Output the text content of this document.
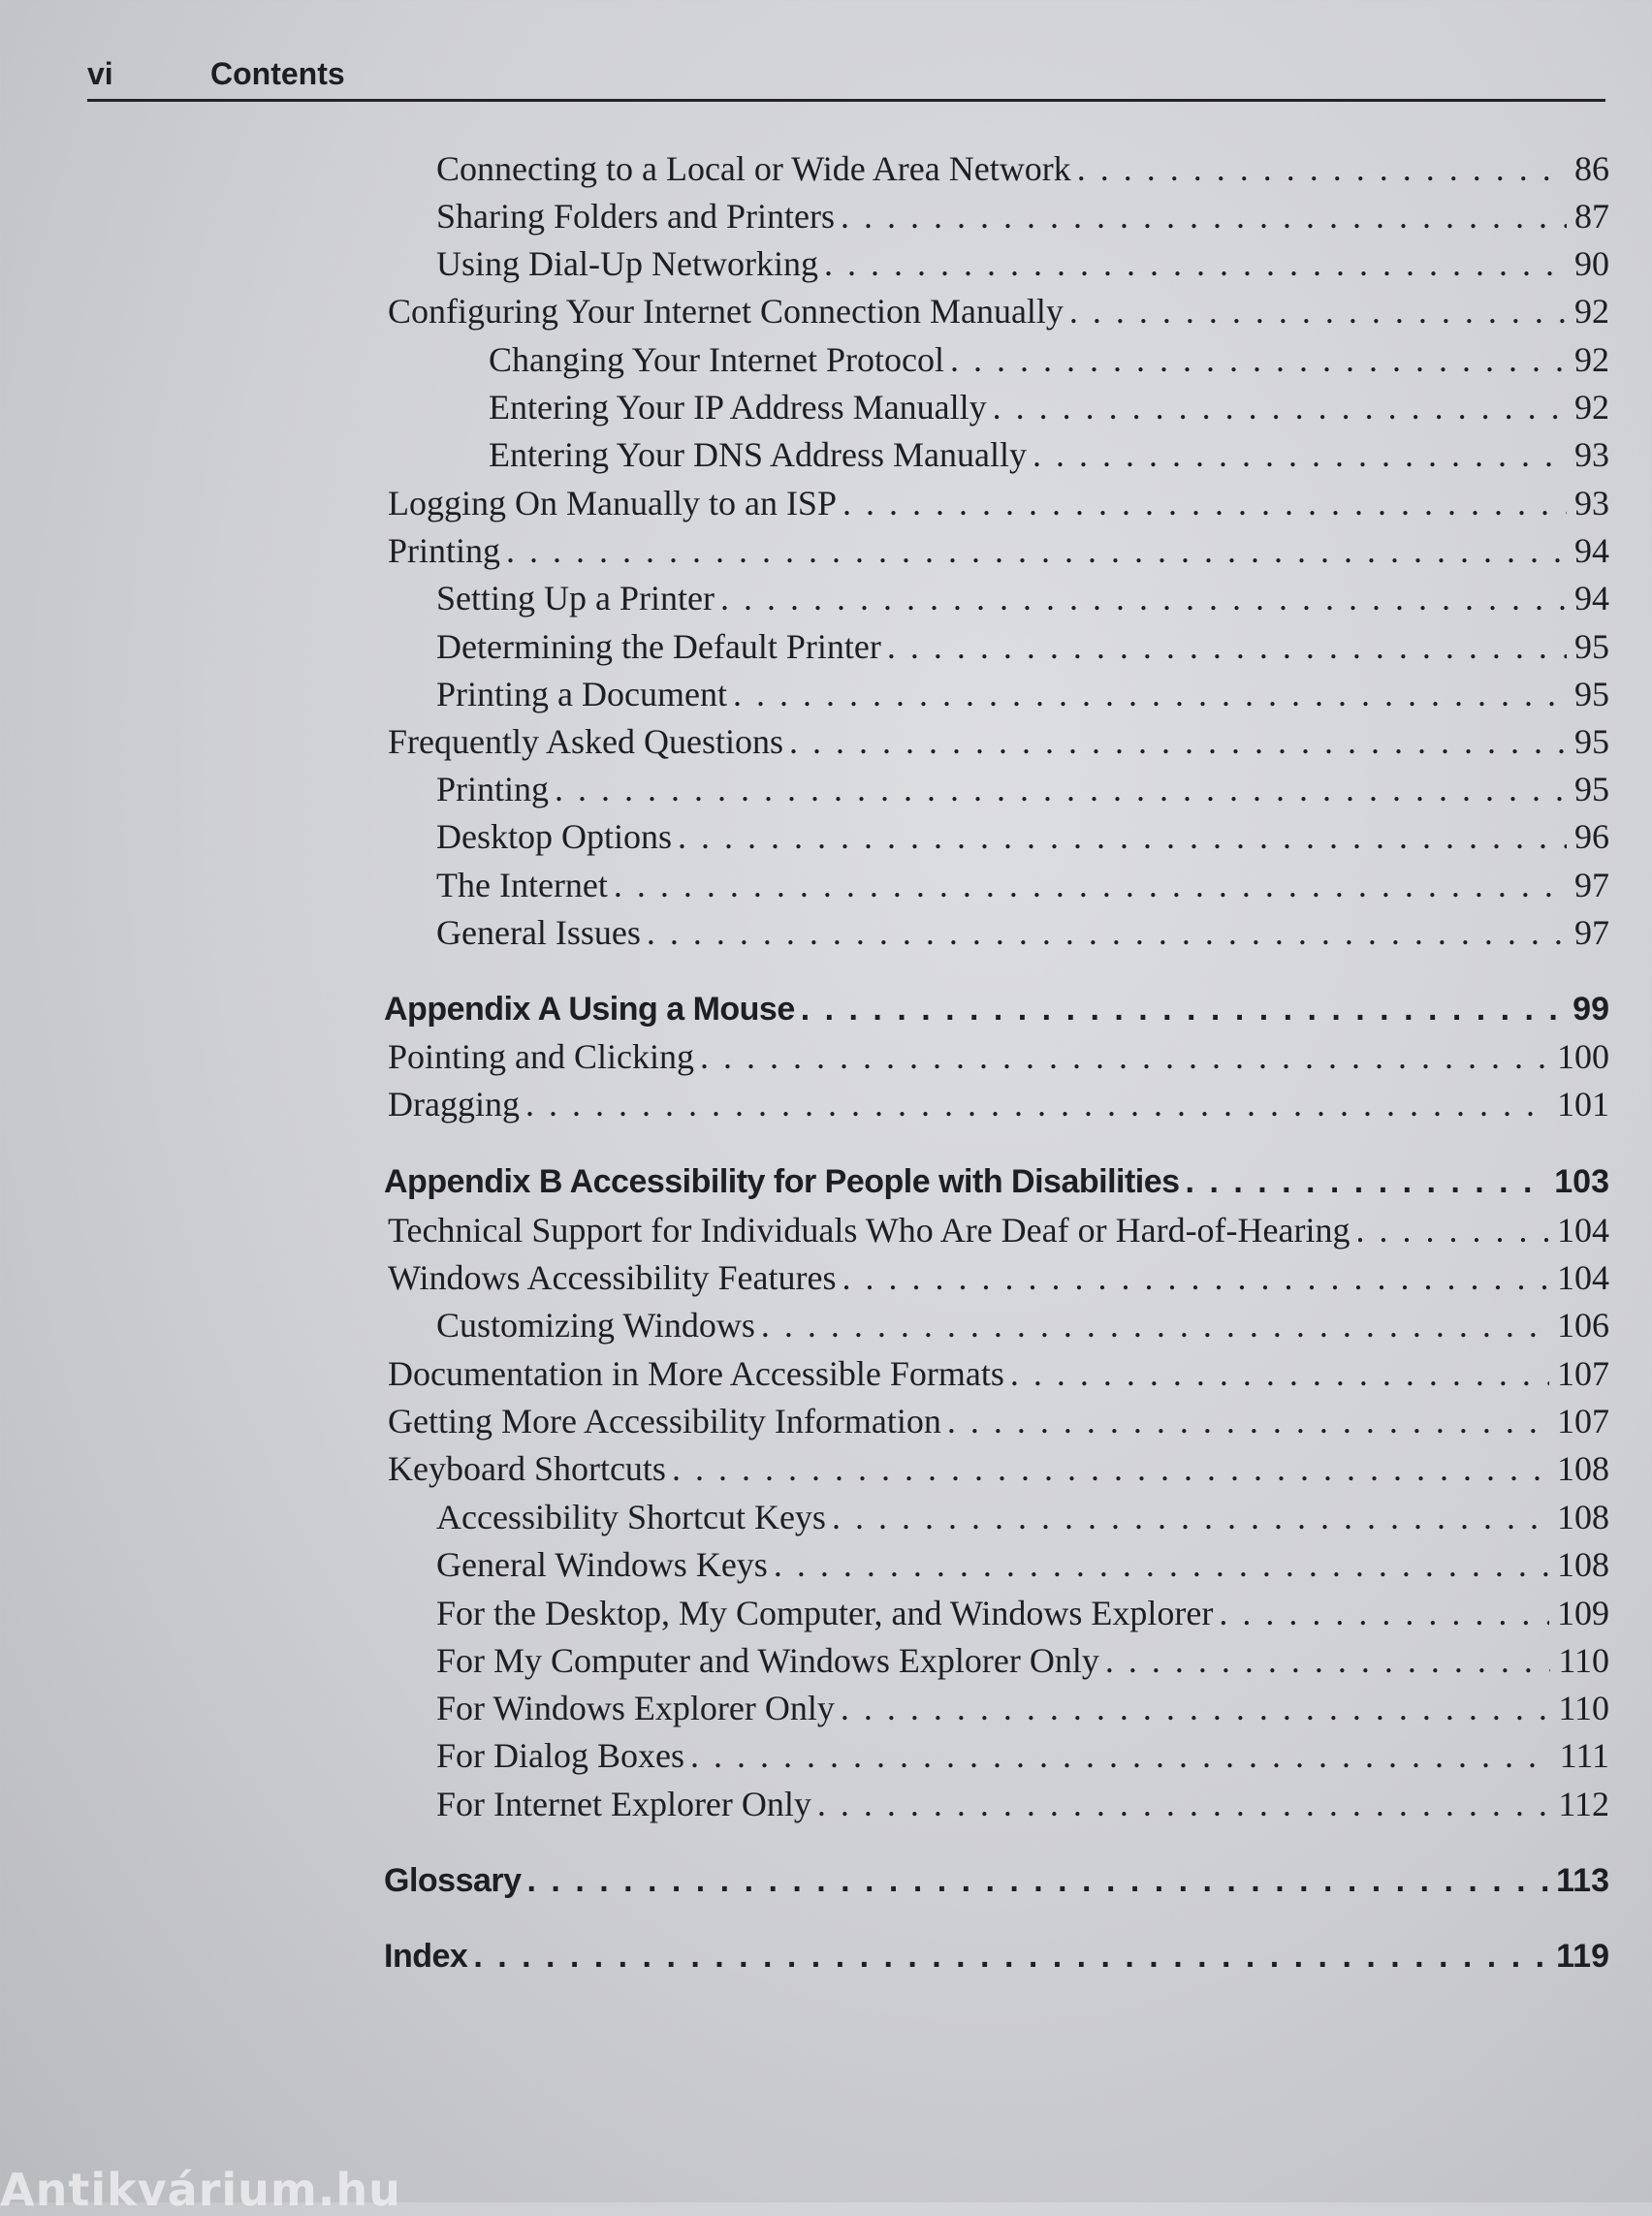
vi	Contents
Connecting to a Local or Wide Area Network . . .	86
Sharing Folders and Printers . . .	87
Using Dial-Up Networking . . .	90
Configuring Your Internet Connection Manually . . .	92
Changing Your Internet Protocol . . .	92
Entering Your IP Address Manually . . .	92
Entering Your DNS Address Manually . . .	93
Logging On Manually to an ISP . . .	93
Printing . . .	94
Setting Up a Printer . . .	94
Determining the Default Printer . . .	95
Printing a Document . . .	95
Frequently Asked Questions . . .	95
Printing . . .	95
Desktop Options . . .	96
The Internet . . .	97
General Issues . . .	97
Appendix A Using a Mouse . . .	99
Pointing and Clicking . . .	100
Dragging . . .	101
Appendix B Accessibility for People with Disabilities . . .	103
Technical Support for Individuals Who Are Deaf or Hard-of-Hearing . . .	104
Windows Accessibility Features . . .	104
Customizing Windows . . .	106
Documentation in More Accessible Formats . . .	107
Getting More Accessibility Information . . .	107
Keyboard Shortcuts . . .	108
Accessibility Shortcut Keys . . .	108
General Windows Keys . . .	108
For the Desktop, My Computer, and Windows Explorer . . .	109
For My Computer and Windows Explorer Only . . .	110
For Windows Explorer Only . . .	110
For Dialog Boxes . . .	111
For Internet Explorer Only . . .	112
Glossary . . .	113
Index . . .	119
Antikvárium.hu
